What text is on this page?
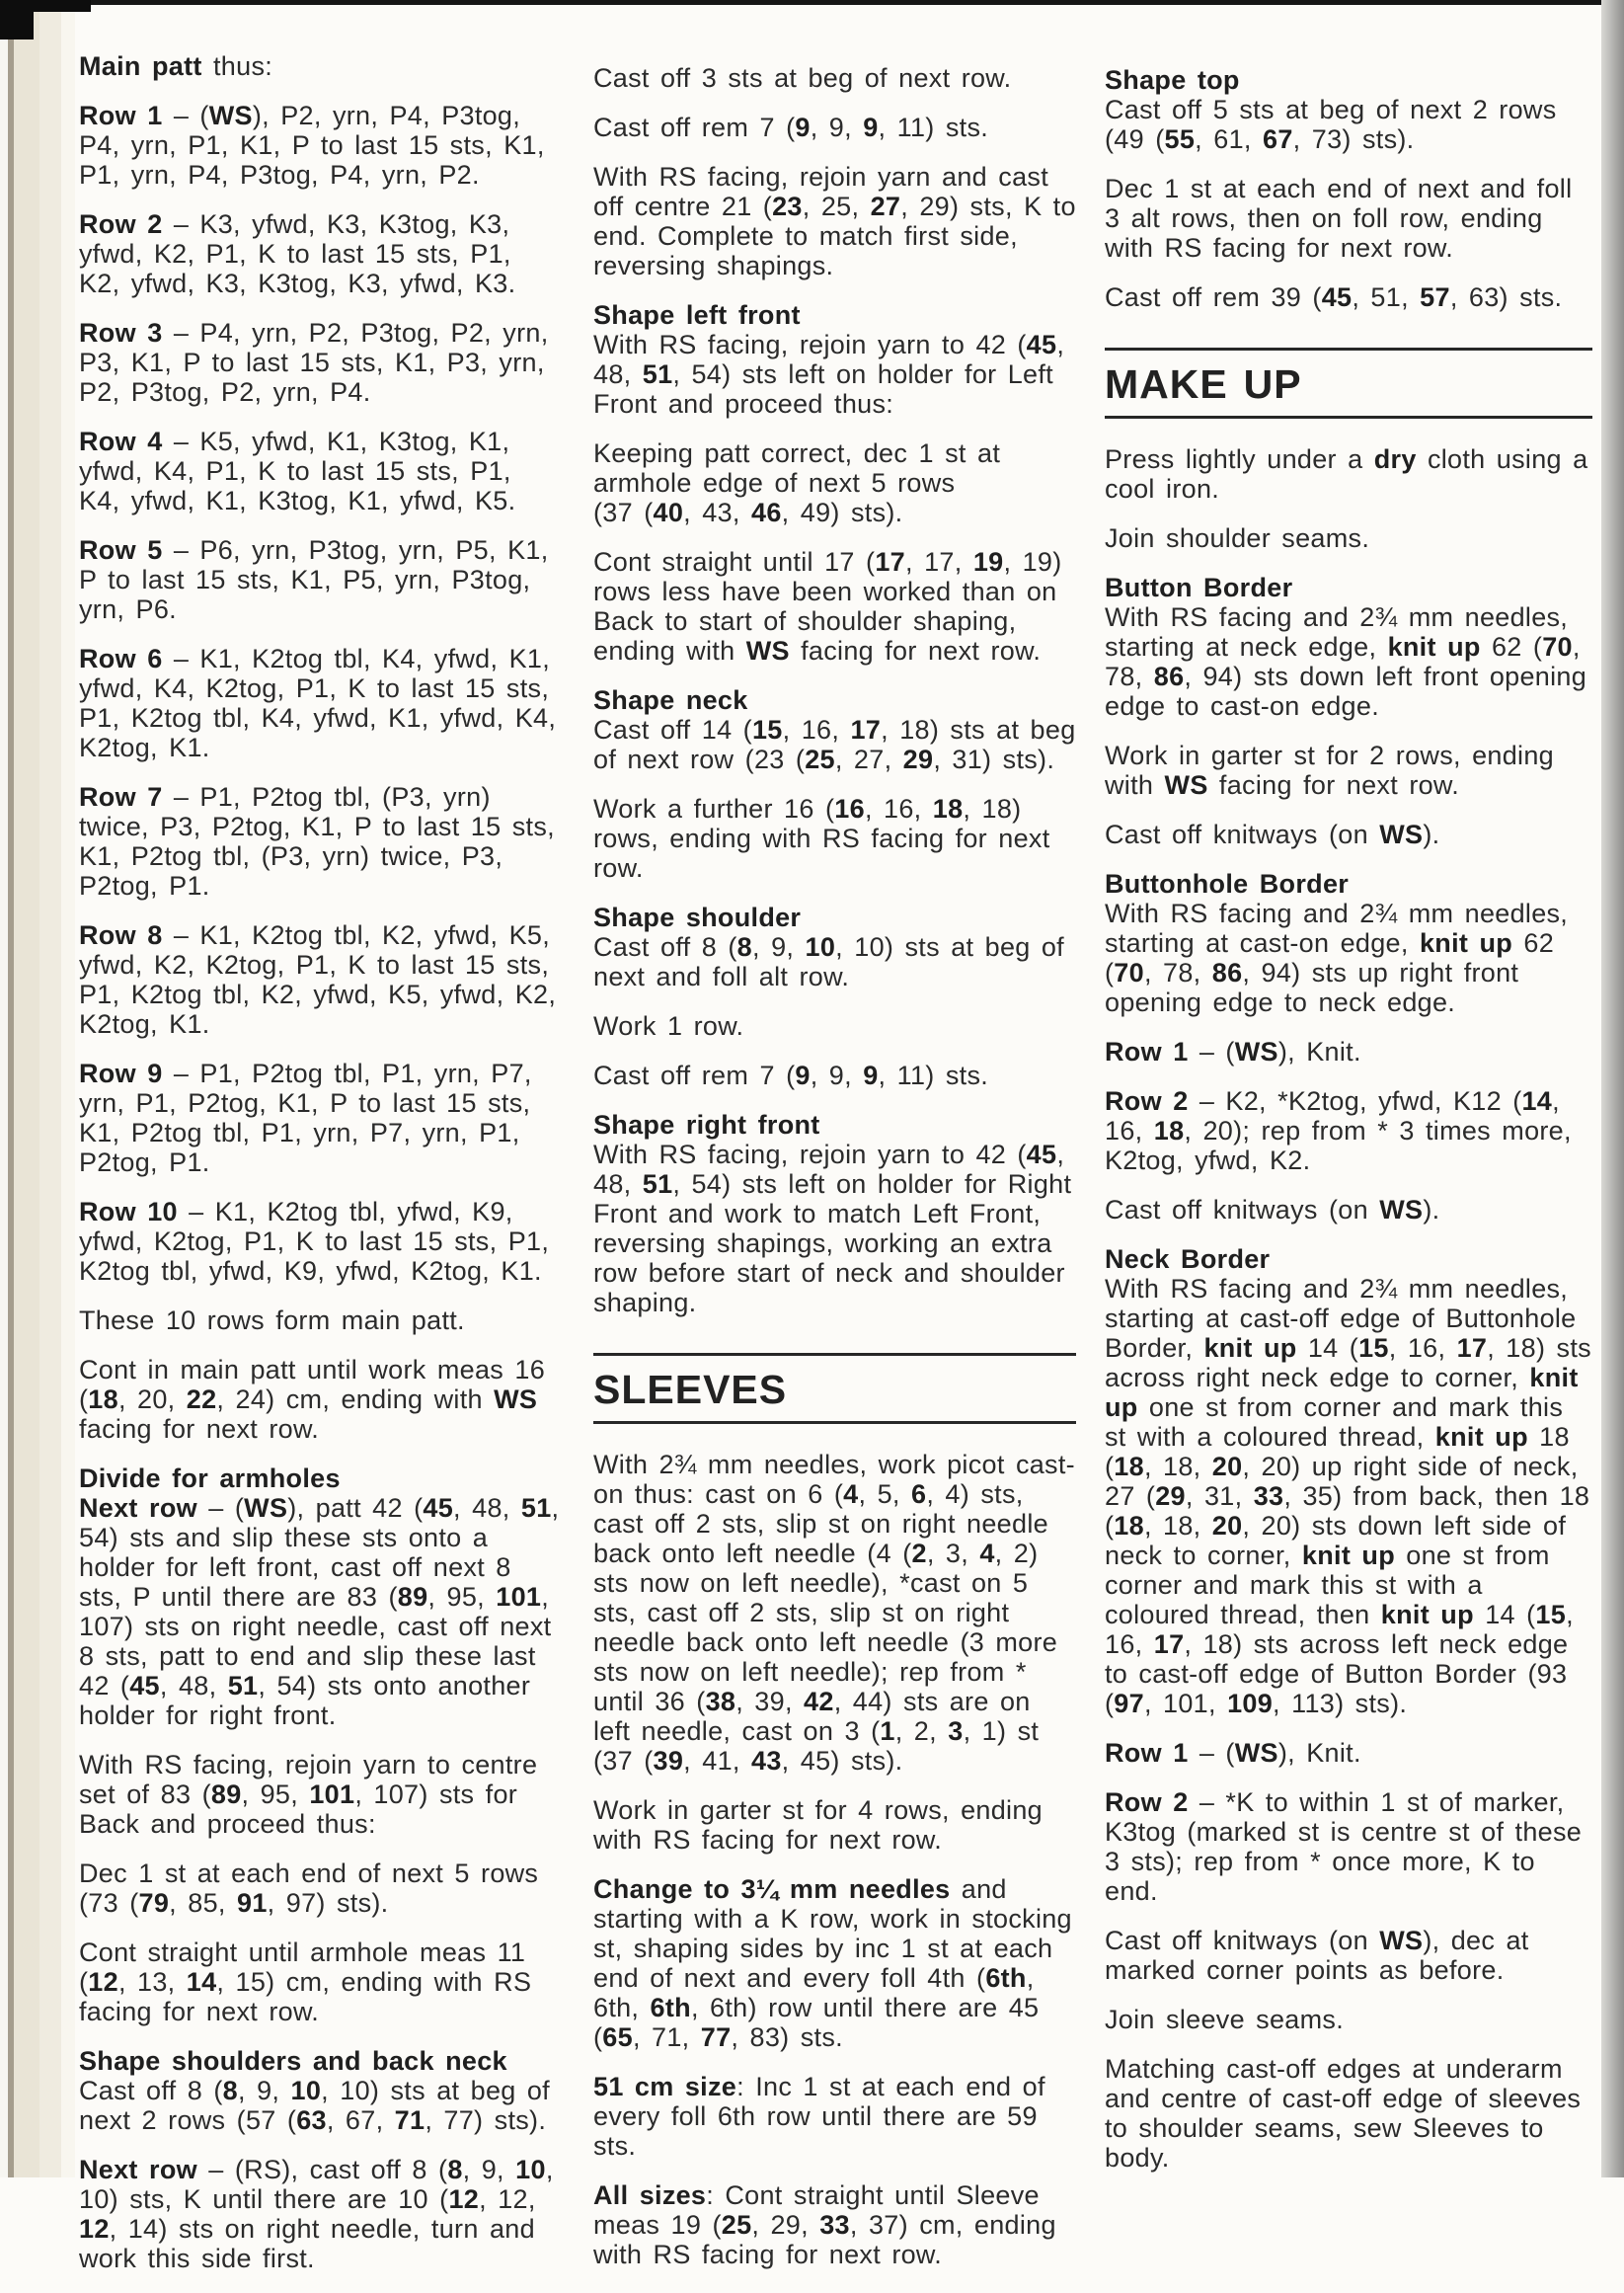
Main patt thus:
Row 1 – (WS), P2, yrn, P4, P3tog, P4, yrn, P1, K1, P to last 15 sts, K1, P1, yrn, P4, P3tog, P4, yrn, P2.
Row 2 – K3, yfwd, K3, K3tog, K3, yfwd, K2, P1, K to last 15 sts, P1, K2, yfwd, K3, K3tog, K3, yfwd, K3.
Row 3 – P4, yrn, P2, P3tog, P2, yrn, P3, K1, P to last 15 sts, K1, P3, yrn, P2, P3tog, P2, yrn, P4.
Row 4 – K5, yfwd, K1, K3tog, K1, yfwd, K4, P1, K to last 15 sts, P1, K4, yfwd, K1, K3tog, K1, yfwd, K5.
Row 5 – P6, yrn, P3tog, yrn, P5, K1, P to last 15 sts, K1, P5, yrn, P3tog, yrn, P6.
Row 6 – K1, K2tog tbl, K4, yfwd, K1, yfwd, K4, K2tog, P1, K to last 15 sts, P1, K2tog tbl, K4, yfwd, K1, yfwd, K4, K2tog, K1.
Row 7 – P1, P2tog tbl, (P3, yrn) twice, P3, P2tog, K1, P to last 15 sts, K1, P2tog tbl, (P3, yrn) twice, P3, P2tog, P1.
Row 8 – K1, K2tog tbl, K2, yfwd, K5, yfwd, K2, K2tog, P1, K to last 15 sts, P1, K2tog tbl, K2, yfwd, K5, yfwd, K2, K2tog, K1.
Row 9 – P1, P2tog tbl, P1, yrn, P7, yrn, P1, P2tog, K1, P to last 15 sts, K1, P2tog tbl, P1, yrn, P7, yrn, P1, P2tog, P1.
Row 10 – K1, K2tog tbl, yfwd, K9, yfwd, K2tog, P1, K to last 15 sts, P1, K2tog tbl, yfwd, K9, yfwd, K2tog, K1.
These 10 rows form main patt.
Cont in main patt until work meas 16 (18, 20, 22, 24) cm, ending with WS facing for next row.
Divide for armholes
Next row – (WS), patt 42 (45, 48, 51, 54) sts and slip these sts onto a holder for left front, cast off next 8 sts, P until there are 83 (89, 95, 101, 107) sts on right needle, cast off next 8 sts, patt to end and slip these last 42 (45, 48, 51, 54) sts onto another holder for right front.
With RS facing, rejoin yarn to centre set of 83 (89, 95, 101, 107) sts for Back and proceed thus:
Dec 1 st at each end of next 5 rows (73 (79, 85, 91, 97) sts).
Cont straight until armhole meas 11 (12, 13, 14, 15) cm, ending with RS facing for next row.
Shape shoulders and back neck
Cast off 8 (8, 9, 10, 10) sts at beg of next 2 rows (57 (63, 67, 71, 77) sts).
Next row – (RS), cast off 8 (8, 9, 10, 10) sts, K until there are 10 (12, 12, 12, 14) sts on right needle, turn and work this side first.
Cast off 3 sts at beg of next row.
Cast off rem 7 (9, 9, 9, 11) sts.
With RS facing, rejoin yarn and cast off centre 21 (23, 25, 27, 29) sts, K to end. Complete to match first side, reversing shapings.
Shape left front
With RS facing, rejoin yarn to 42 (45, 48, 51, 54) sts left on holder for Left Front and proceed thus:
Keeping patt correct, dec 1 st at armhole edge of next 5 rows
(37 (40, 43, 46, 49) sts).
Cont straight until 17 (17, 17, 19, 19) rows less have been worked than on Back to start of shoulder shaping, ending with WS facing for next row.
Shape neck
Cast off 14 (15, 16, 17, 18) sts at beg of next row (23 (25, 27, 29, 31) sts).
Work a further 16 (16, 16, 18, 18) rows, ending with RS facing for next row.
Shape shoulder
Cast off 8 (8, 9, 10, 10) sts at beg of next and foll alt row.
Work 1 row.
Cast off rem 7 (9, 9, 9, 11) sts.
Shape right front
With RS facing, rejoin yarn to 42 (45, 48, 51, 54) sts left on holder for Right Front and work to match Left Front, reversing shapings, working an extra row before start of neck and shoulder shaping.
SLEEVES
With 2¾ mm needles, work picot cast-on thus: cast on 6 (4, 5, 6, 4) sts, cast off 2 sts, slip st on right needle back onto left needle (4 (2, 3, 4, 2) sts now on left needle), *cast on 5 sts, cast off 2 sts, slip st on right needle back onto left needle (3 more sts now on left needle); rep from * until 36 (38, 39, 42, 44) sts are on left needle, cast on 3 (1, 2, 3, 1) st
(37 (39, 41, 43, 45) sts).
Work in garter st for 4 rows, ending with RS facing for next row.
Change to 3¼ mm needles and starting with a K row, work in stocking st, shaping sides by inc 1 st at each end of next and every foll 4th (6th, 6th, 6th, 6th) row until there are 45 (65, 71, 77, 83) sts.
51 cm size: Inc 1 st at each end of every foll 6th row until there are 59 sts.
All sizes: Cont straight until Sleeve meas 19 (25, 29, 33, 37) cm, ending with RS facing for next row.
Shape top
Cast off 5 sts at beg of next 2 rows (49 (55, 61, 67, 73) sts).
Dec 1 st at each end of next and foll 3 alt rows, then on foll row, ending with RS facing for next row.
Cast off rem 39 (45, 51, 57, 63) sts.
MAKE UP
Press lightly under a dry cloth using a cool iron.
Join shoulder seams.
Button Border
With RS facing and 2¾ mm needles, starting at neck edge, knit up 62 (70, 78, 86, 94) sts down left front opening edge to cast-on edge.
Work in garter st for 2 rows, ending with WS facing for next row.
Cast off knitways (on WS).
Buttonhole Border
With RS facing and 2¾ mm needles, starting at cast-on edge, knit up 62 (70, 78, 86, 94) sts up right front opening edge to neck edge.
Row 1 – (WS), Knit.
Row 2 – K2, *K2tog, yfwd, K12 (14, 16, 18, 20); rep from * 3 times more, K2tog, yfwd, K2.
Cast off knitways (on WS).
Neck Border
With RS facing and 2¾ mm needles, starting at cast-off edge of Buttonhole Border, knit up 14 (15, 16, 17, 18) sts across right neck edge to corner, knit up one st from corner and mark this st with a coloured thread, knit up 18 (18, 18, 20, 20) up right side of neck, 27 (29, 31, 33, 35) from back, then 18 (18, 18, 20, 20) sts down left side of neck to corner, knit up one st from corner and mark this st with a coloured thread, then knit up 14 (15, 16, 17, 18) sts across left neck edge to cast-off edge of Button Border (93 (97, 101, 109, 113) sts).
Row 1 – (WS), Knit.
Row 2 – *K to within 1 st of marker, K3tog (marked st is centre st of these 3 sts); rep from * once more, K to end.
Cast off knitways (on WS), dec at marked corner points as before.
Join sleeve seams.
Matching cast-off edges at underarm and centre of cast-off edge of sleeves to shoulder seams, sew Sleeves to body.
